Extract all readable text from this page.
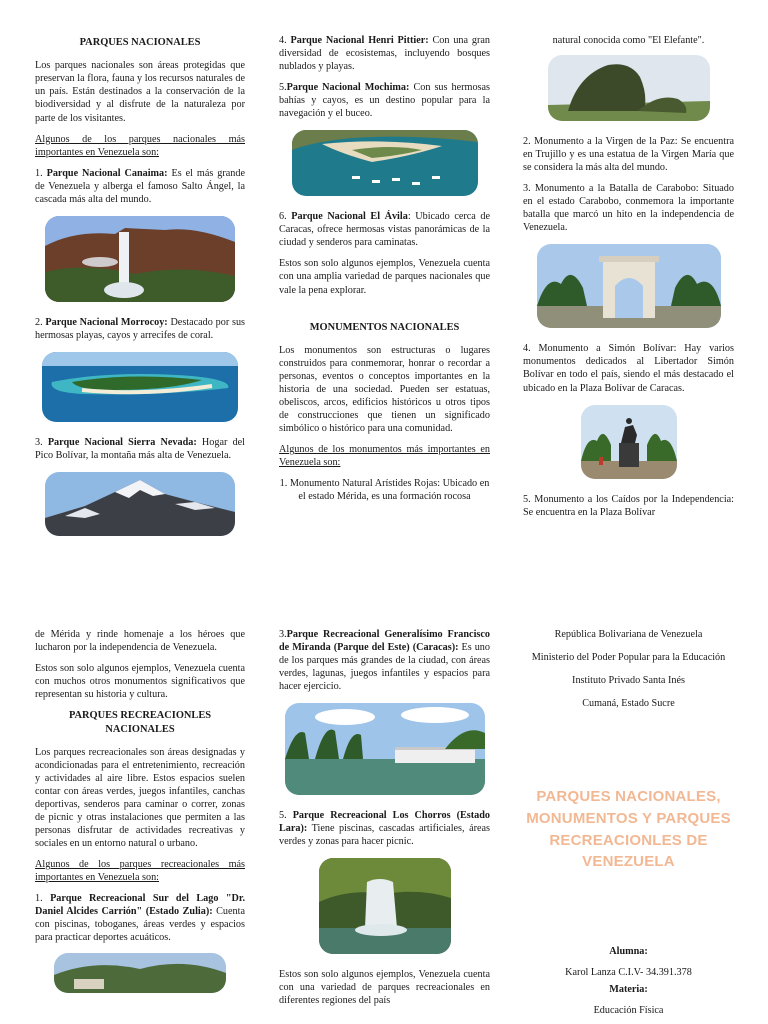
PARQUES NACIONALES
Los parques nacionales son áreas protegidas que preservan la flora, fauna y los recursos naturales de un país. Están destinados a la conservación de la biodiversidad y al disfrute de la naturaleza por parte de los visitantes.
Algunos de los parques nacionales más importantes en Venezuela son:
1. Parque Nacional Canaima: Es el más grande de Venezuela y alberga el famoso Salto Ángel, la cascada más alta del mundo.
2. Parque Nacional Morrocoy: Destacado por sus hermosas playas, cayos y arrecifes de coral.
3. Parque Nacional Sierra Nevada: Hogar del Pico Bolívar, la montaña más alta de Venezuela.
4. Parque Nacional Henri Pittier: Con una gran diversidad de ecosistemas, incluyendo bosques nublados y playas.
5.Parque Nacional Mochima: Con sus hermosas bahías y cayos, es un destino popular para la navegación y el buceo.
6. Parque Nacional El Ávila: Ubicado cerca de Caracas, ofrece hermosas vistas panorámicas de la ciudad y senderos para caminatas.
Estos son solo algunos ejemplos, Venezuela cuenta con una amplia variedad de parques nacionales que vale la pena explorar.
MONUMENTOS NACIONALES
Los monumentos son estructuras o lugares construidos para conmemorar, honrar o recordar a personas, eventos o conceptos importantes en la historia de una sociedad. Pueden ser estatuas, obeliscos, arcos, edificios históricos u otros tipos de construcciones que tienen un significado simbólico o histórico para una comunidad.
Algunos de los monumentos más importantes en Venezuela son:
1. Monumento Natural Arístides Rojas: Ubicado en el estado Mérida, es una formación rocosa
natural conocida como "El Elefante".
2. Monumento a la Virgen de la Paz: Se encuentra en Trujillo y es una estatua de la Virgen María que se considera la más alta del mundo.
3. Monumento a la Batalla de Carabobo: Situado en el estado Carabobo, conmemora la importante batalla que marcó un hito en la independencia de Venezuela.
4. Monumento a Simón Bolívar: Hay varios monumentos dedicados al Libertador Simón Bolívar en todo el país, siendo el más destacado el ubicado en la Plaza Bolívar de Caracas.
5. Monumento a los Caídos por la Independencia: Se encuentra en la Plaza Bolívar
de Mérida y rinde homenaje a los héroes que lucharon por la independencia de Venezuela.
Estos son solo algunos ejemplos, Venezuela cuenta con muchos otros monumentos significativos que representan su historia y cultura.
PARQUES RECREACIONLES NACIONALES
Los parques recreacionales son áreas designadas y acondicionadas para el entretenimiento, recreación y actividades al aire libre. Estos espacios suelen contar con áreas verdes, juegos infantiles, canchas deportivas, senderos para caminar o correr, zonas de picnic y otras instalaciones que permiten a las personas disfrutar de actividades recreativas y sociales en un entorno natural o urbano.
Algunos de los parques recreacionales más importantes en Venezuela son:
1. Parque Recreacional Sur del Lago "Dr. Daniel Alcides Carrión" (Estado Zulia): Cuenta con piscinas, toboganes, áreas verdes y espacios para practicar deportes acuáticos.
3.Parque Recreacional Generalísimo Francisco de Miranda (Parque del Este) (Caracas): Es uno de los parques más grandes de la ciudad, con áreas verdes, lagunas, juegos infantiles y espacios para hacer ejercicio.
5. Parque Recreacional Los Chorros (Estado Lara): Tiene piscinas, cascadas artificiales, áreas verdes y zonas para hacer picnic.
Estos son solo algunos ejemplos, Venezuela cuenta con una variedad de parques recreacionales en diferentes regiones del país
República Bolivariana de Venezuela
Ministerio del Poder Popular para la Educación
Instituto Privado Santa Inés
Cumaná, Estado Sucre
PARQUES NACIONALES, MONUMENTOS Y PARQUES RECREACIONLES DE VENEZUELA
Alumna:
Karol Lanza C.I.V- 34.391.378
Materia:
Educación Física
